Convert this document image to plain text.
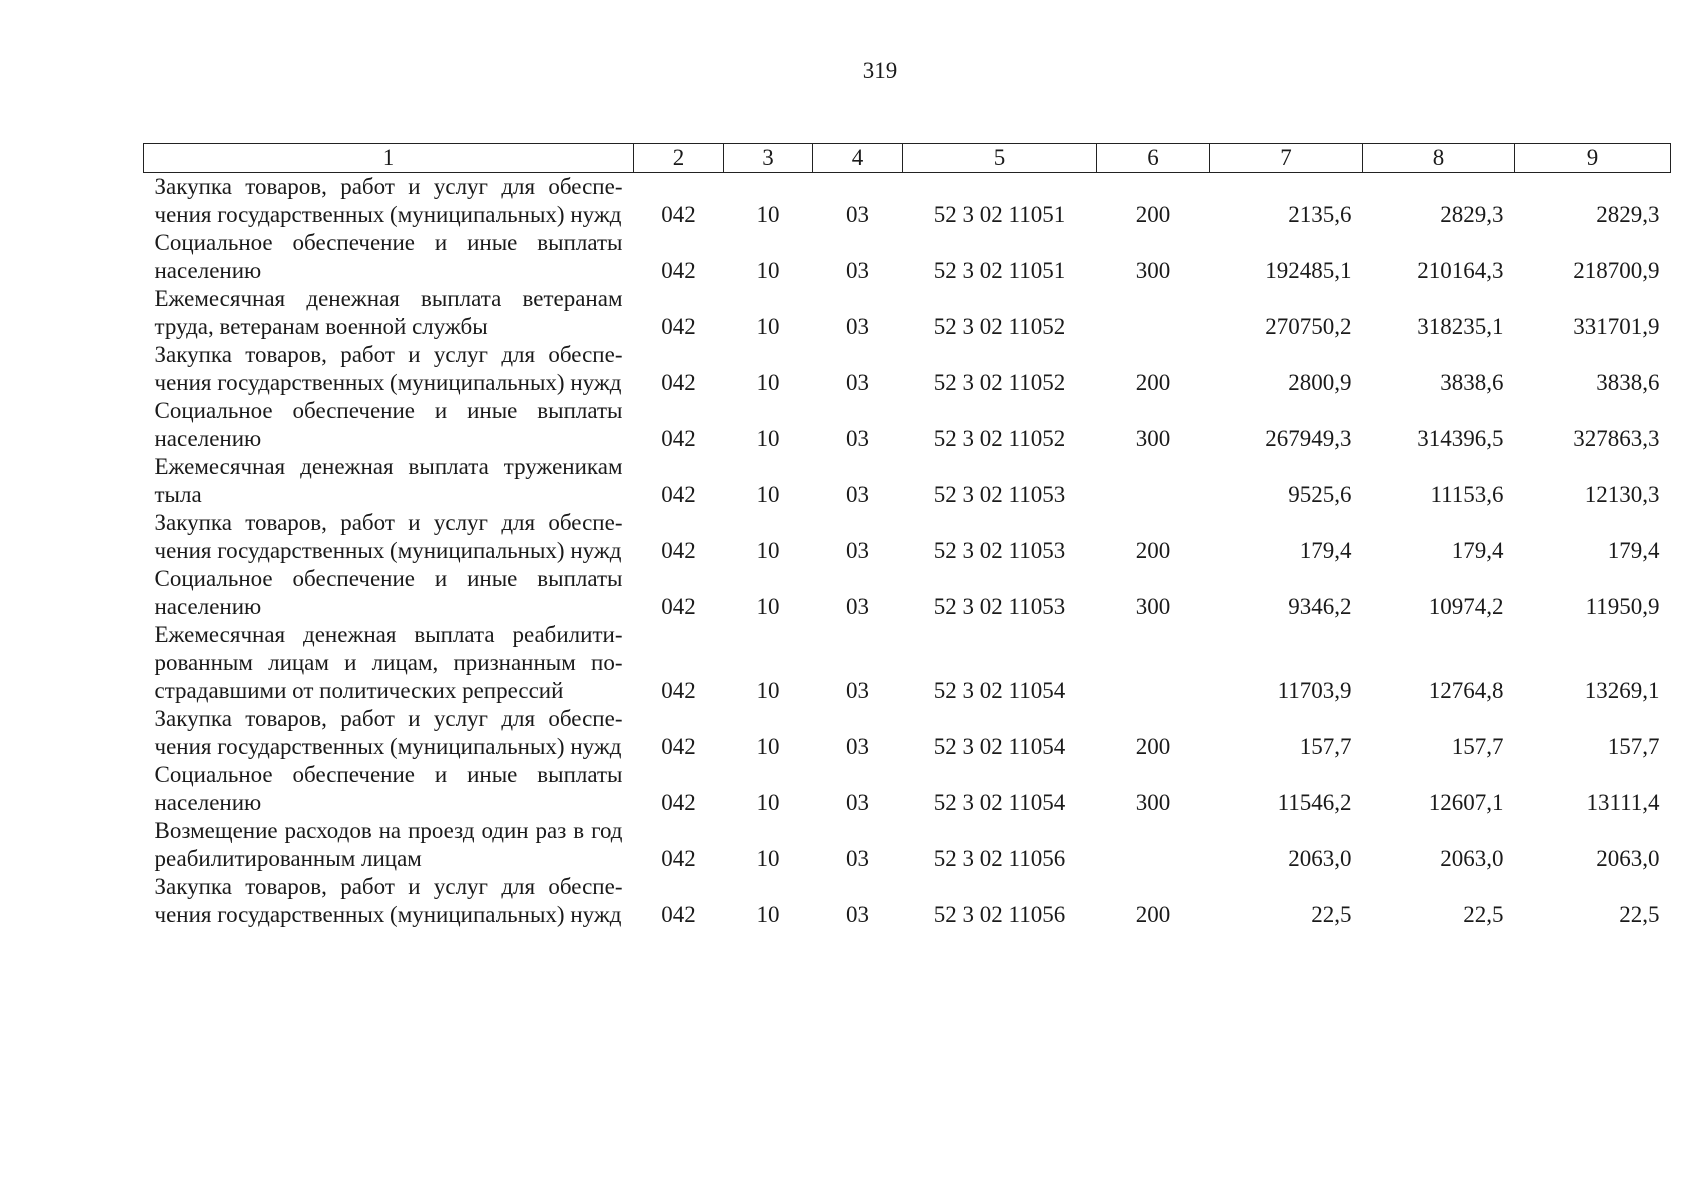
319
1	2	3	4	5	6	7	8	9
Закупка товаров, работ и услуг для обеспечения государственных (муниципальных) нужд	042	10	03	52 3 02 11051	200	2135,6	2829,3	2829,3
Социальное обеспечение и иные выплаты населению	042	10	03	52 3 02 11051	300	192485,1	210164,3	218700,9
Ежемесячная денежная выплата ветеранам труда, ветеранам военной службы	042	10	03	52 3 02 11052		270750,2	318235,1	331701,9
Закупка товаров, работ и услуг для обеспечения государственных (муниципальных) нужд	042	10	03	52 3 02 11052	200	2800,9	3838,6	3838,6
Социальное обеспечение и иные выплаты населению	042	10	03	52 3 02 11052	300	267949,3	314396,5	327863,3
Ежемесячная денежная выплата труженикам тыла	042	10	03	52 3 02 11053		9525,6	11153,6	12130,3
Закупка товаров, работ и услуг для обеспечения государственных (муниципальных) нужд	042	10	03	52 3 02 11053	200	179,4	179,4	179,4
Социальное обеспечение и иные выплаты населению	042	10	03	52 3 02 11053	300	9346,2	10974,2	11950,9
Ежемесячная денежная выплата реабилитированным лицам и лицам, признанным пострадавшими от политических репрессий	042	10	03	52 3 02 11054		11703,9	12764,8	13269,1
Закупка товаров, работ и услуг для обеспечения государственных (муниципальных) нужд	042	10	03	52 3 02 11054	200	157,7	157,7	157,7
Социальное обеспечение и иные выплаты населению	042	10	03	52 3 02 11054	300	11546,2	12607,1	13111,4
Возмещение расходов на проезд один раз в год реабилитированным лицам	042	10	03	52 3 02 11056		2063,0	2063,0	2063,0
Закупка товаров, работ и услуг для обеспечения государственных (муниципальных) нужд	042	10	03	52 3 02 11056	200	22,5	22,5	22,5
